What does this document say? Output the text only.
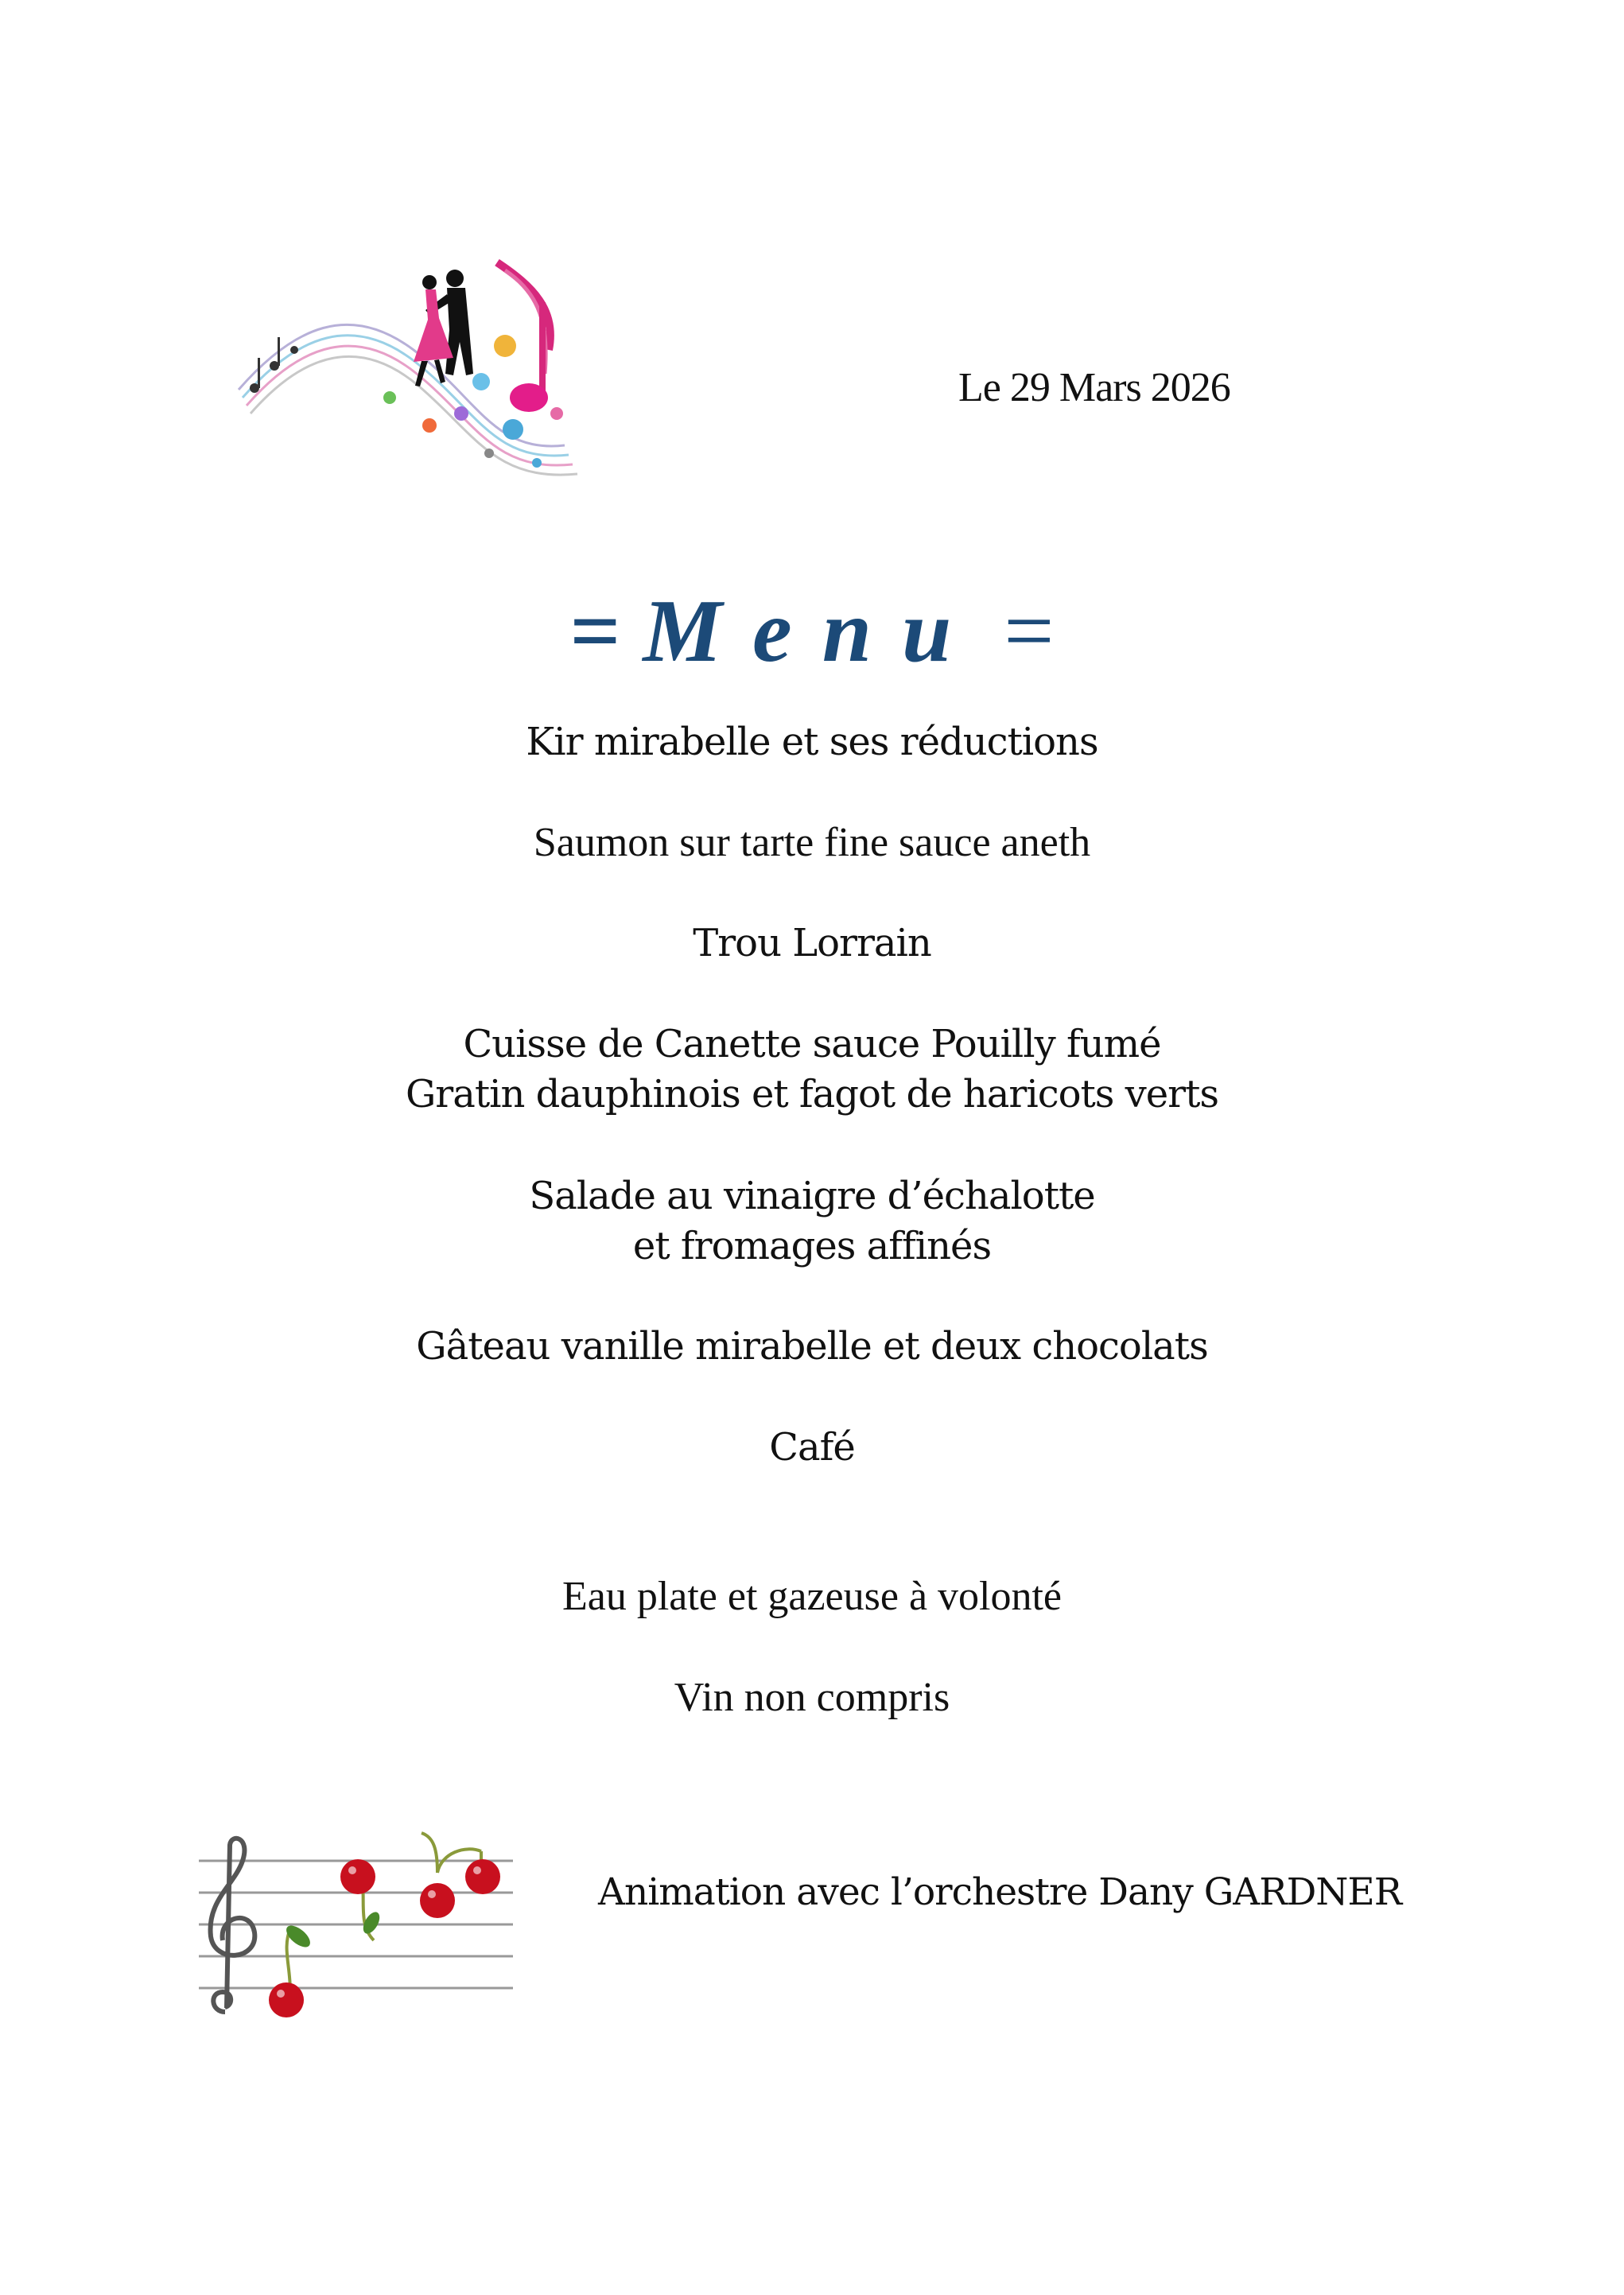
Le 29 Mars 2026
= Menu =
Kir mirabelle et ses réductions
Saumon sur tarte fine sauce aneth
Trou Lorrain
Cuisse de Canette sauce Pouilly fumé
Gratin dauphinois et fagot de haricots verts
Salade au vinaigre d’échalotte
et fromages affinés
Gâteau vanille mirabelle et deux chocolats
Café
Eau plate et gazeuse à volonté
Vin non compris
Animation avec l’orchestre Dany GARDNER
